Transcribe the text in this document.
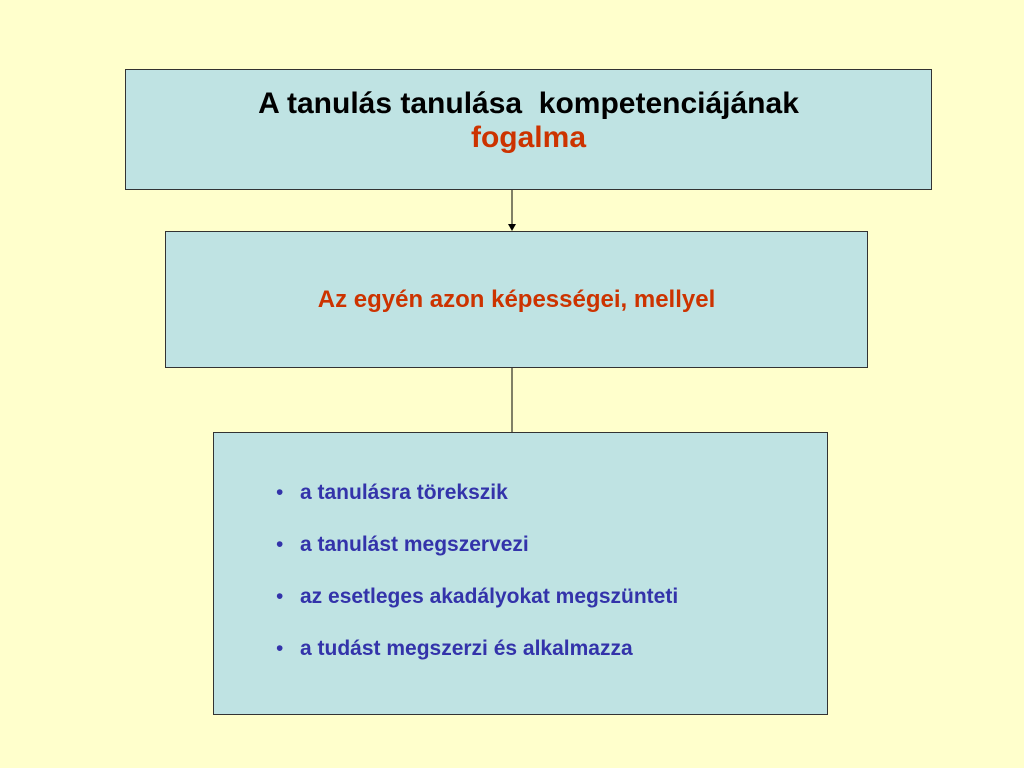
A tanulás tanulása  kompetenciájának
fogalma
Az egyén azon képességei, mellyel
• a tanulásra törekszik
• a tanulást megszervezi
• az esetleges akadályokat megszünteti
• a tudást megszerzi és alkalmazza
